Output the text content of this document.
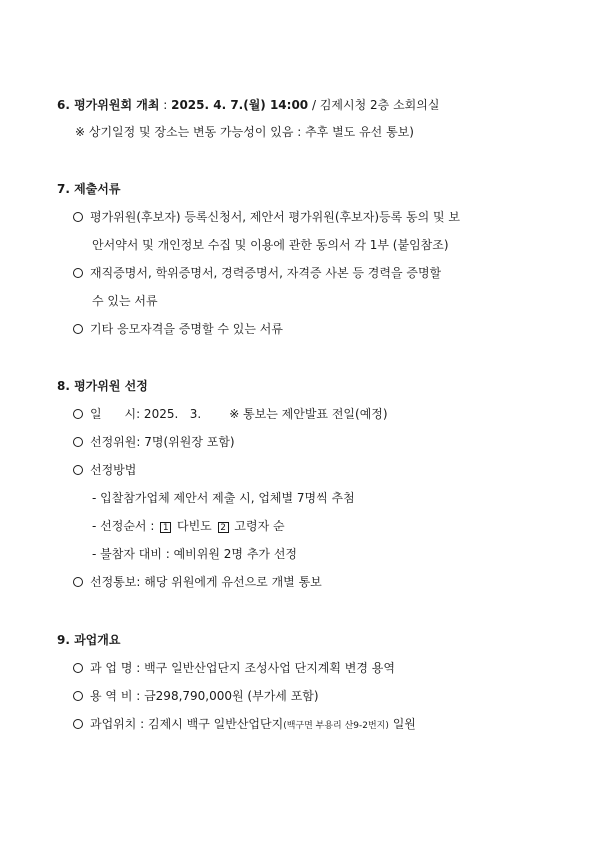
6. 평가위원회 개최 : 2025. 4. 7.(월) 14:00 / 김제시청 2층 소회의실
※ 상기일정 및 장소는 변동 가능성이 있음 : 추후 별도 유선 통보)
7. 제출서류
평가위원(후보자) 등록신청서, 제안서 평가위원(후보자)등록 동의 및 보
안서약서 및 개인정보 수집 및 이용에 관한 동의서 각 1부 (붙임참조)
재직증명서, 학위증명서, 경력증명서, 자격증 사본 등 경력을 증명할
수 있는 서류
기타 응모자격을 증명할 수 있는 서류
8. 평가위원 선정
일      시: 2025.   3. ※ 통보는 제안발표 전일(예정)
선정위원: 7명(위원장 포함)
선정방법
- 입찰참가업체 제안서 제출 시, 업체별 7명씩 추첨
- 선정순서 : 1 다빈도 2 고령자 순
- 불참자 대비 : 예비위원 2명 추가 선정
선정통보: 해당 위원에게 유선으로 개별 통보
9. 과업개요
과 업 명 : 백구 일반산업단지 조성사업 단지계획 변경 용역
용 역 비 : 금298,790,000원 (부가세 포함)
과업위치 : 김제시 백구 일반산업단지(백구면 부용리 산9-2번지) 일원
